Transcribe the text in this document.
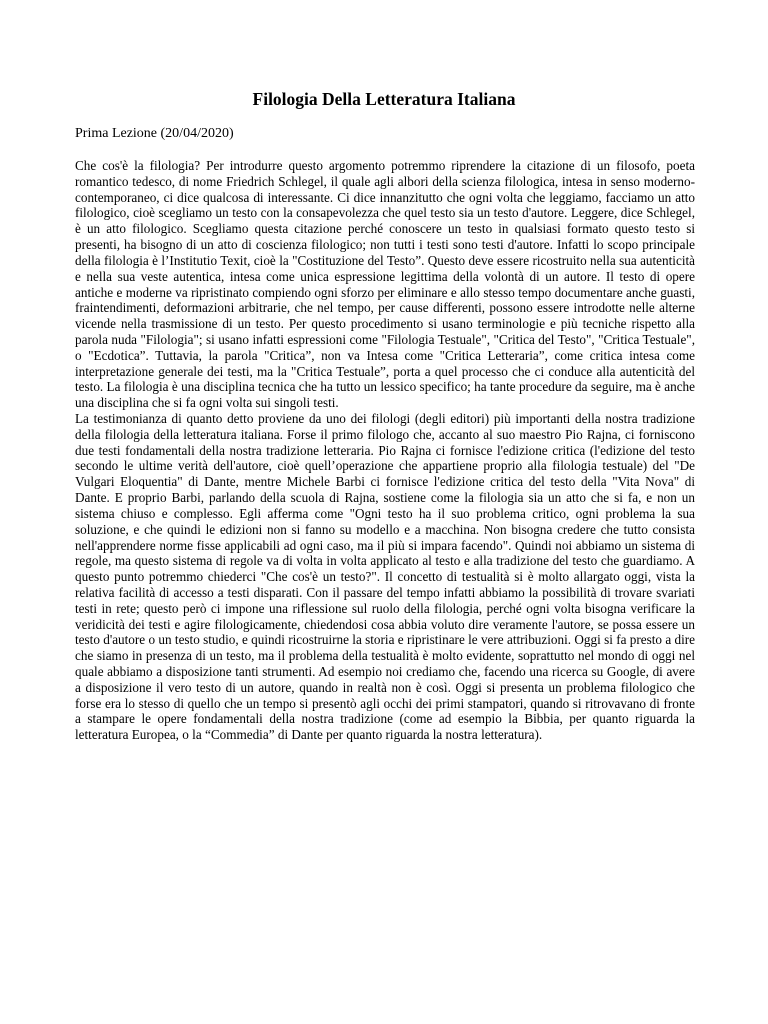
Filologia Della Letteratura Italiana
Prima Lezione (20/04/2020)

Che cos'è la filologia? Per introdurre questo argomento potremmo riprendere la citazione di un filosofo, poeta romantico tedesco, di nome Friedrich Schlegel, il quale agli albori della scienza filologica, intesa in senso moderno-contemporaneo, ci dice qualcosa di interessante. Ci dice innanzitutto che ogni volta che leggiamo, facciamo un atto filologico, cioè scegliamo un testo con la consapevolezza che quel testo sia un testo d'autore. Leggere, dice Schlegel, è un atto filologico. Scegliamo questa citazione perché conoscere un testo in qualsiasi formato questo testo si presenti, ha bisogno di un atto di coscienza filologico; non tutti i testi sono testi d'autore. Infatti lo scopo principale della filologia è l’Institutio Texit, cioè la "Costituzione del Testo”. Questo deve essere ricostruito nella sua autenticità e nella sua veste autentica, intesa come unica espressione legittima della volontà di un autore. Il testo di opere antiche e moderne va ripristinato compiendo ogni sforzo per eliminare e allo stesso tempo documentare anche guasti, fraintendimenti, deformazioni arbitrarie, che nel tempo, per cause differenti, possono essere introdotte nelle alterne vicende nella trasmissione di un testo. Per questo procedimento si usano terminologie e più tecniche rispetto alla parola nuda "Filologia"; si usano infatti espressioni come "Filologia Testuale", "Critica del Testo", "Critica Testuale", o "Ecdotica”. Tuttavia, la parola "Critica”, non va Intesa come "Critica Letteraria”, come critica intesa come interpretazione generale dei testi, ma la "Critica Testuale”, porta a quel processo che ci conduce alla autenticità del testo. La filologia è una disciplina tecnica che ha tutto un lessico specifico; ha tante procedure da seguire, ma è anche una disciplina che si fa ogni volta sui singoli testi.

La testimonianza di quanto detto proviene da uno dei filologi (degli editori) più importanti della nostra tradizione della filologia della letteratura italiana. Forse il primo filologo che, accanto al suo maestro Pio Rajna, ci forniscono due testi fondamentali della nostra tradizione letteraria. Pio Rajna ci fornisce l'edizione critica (l'edizione del testo secondo le ultime verità dell'autore, cioè quell’operazione che appartiene proprio alla filologia testuale) del "De Vulgari Eloquentia" di Dante, mentre Michele Barbi ci fornisce l'edizione critica del testo della "Vita Nova" di Dante. E proprio Barbi, parlando della scuola di Rajna, sostiene come la filologia sia un atto che si fa, e non un sistema chiuso e complesso. Egli afferma come "Ogni testo ha il suo problema critico, ogni problema la sua soluzione, e che quindi le edizioni non si fanno su modello e a macchina. Non bisogna credere che tutto consista nell'apprendere norme fisse applicabili ad ogni caso, ma il più si impara facendo". Quindi noi abbiamo un sistema di regole, ma questo sistema di regole va di volta in volta applicato al testo e alla tradizione del testo che guardiamo. A questo punto potremmo chiederci "Che cos'è un testo?". Il concetto di testualità si è molto allargato oggi, vista la relativa facilità di accesso a testi disparati. Con il passare del tempo infatti abbiamo la possibilità di trovare svariati testi in rete; questo però ci impone una riflessione sul ruolo della filologia, perché ogni volta bisogna verificare la veridicità dei testi e agire filologicamente, chiedendosi cosa abbia voluto dire veramente l'autore, se possa essere un testo d'autore o un testo studio, e quindi ricostruirne la storia e ripristinare le vere attribuzioni. Oggi si fa presto a dire che siamo in presenza di un testo, ma il problema della testualità è molto evidente, soprattutto nel mondo di oggi nel quale abbiamo a disposizione tanti strumenti. Ad esempio noi crediamo che, facendo una ricerca su Google, di avere a disposizione il vero testo di un autore, quando in realtà non è così. Oggi si presenta un problema filologico che forse era lo stesso di quello che un tempo si presentò agli occhi dei primi stampatori, quando si ritrovavano di fronte a stampare le opere fondamentali della nostra tradizione (come ad esempio la Bibbia, per quanto riguarda la letteratura Europea, o la “Commedia” di Dante per quanto riguarda la nostra letteratura).
